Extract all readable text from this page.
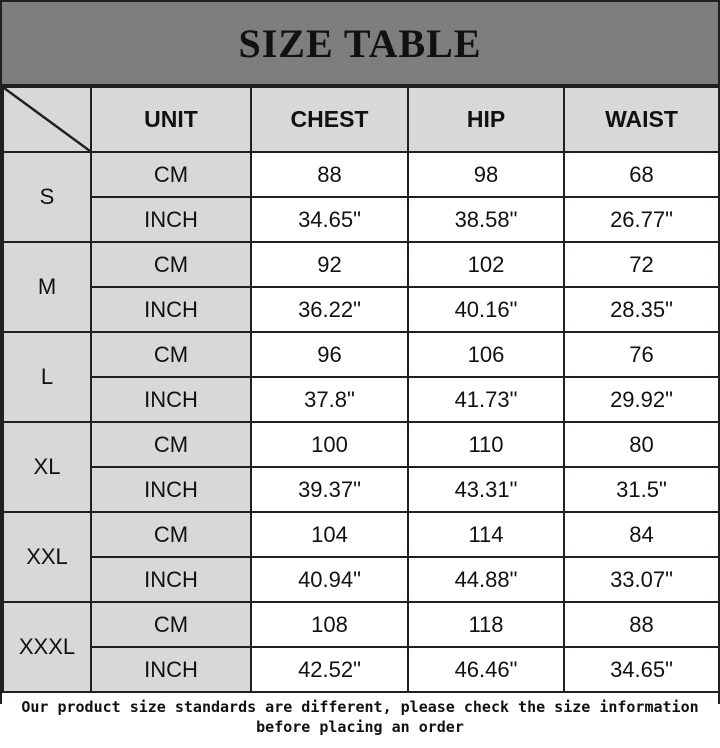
SIZE TABLE
	UNIT	CHEST	HIP	WAIST
S	CM	88	98	68
	INCH	34.65"	38.58"	26.77"
M	CM	92	102	72
	INCH	36.22"	40.16"	28.35"
L	CM	96	106	76
	INCH	37.8"	41.73"	29.92"
XL	CM	100	110	80
	INCH	39.37"	43.31"	31.5"
XXL	CM	104	114	84
	INCH	40.94"	44.88"	33.07"
XXXL	CM	108	118	88
	INCH	42.52"	46.46"	34.65"
Our product size standards are different, please check the size information before placing an order
